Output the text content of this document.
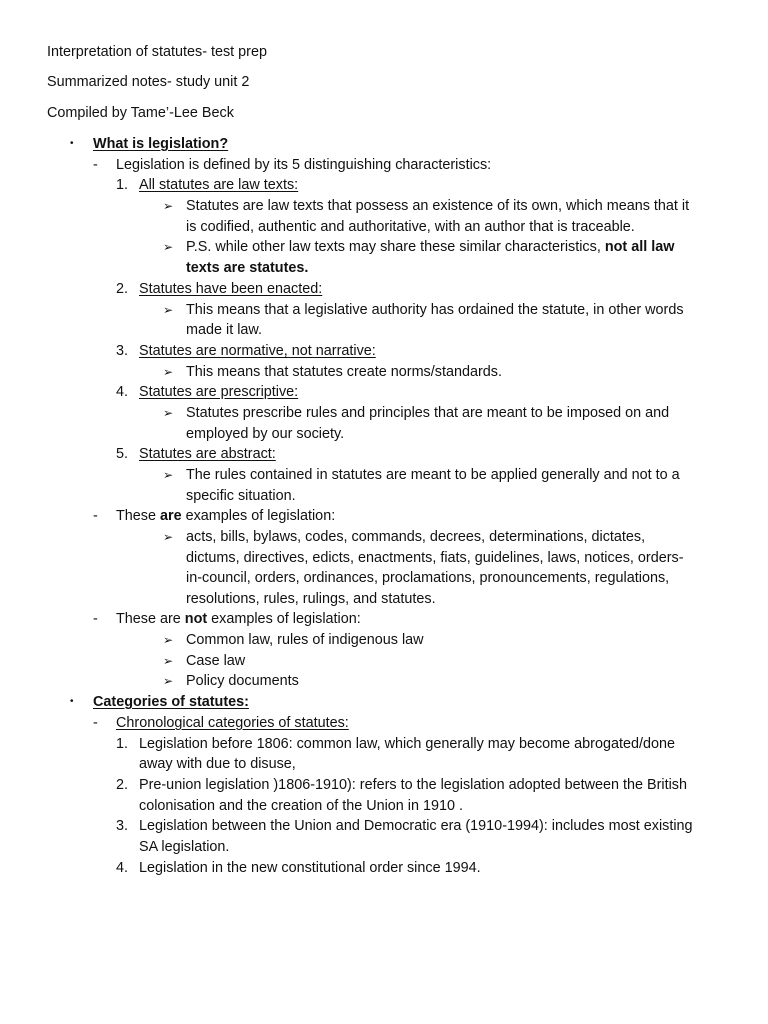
Interpretation of statutes- test prep
Summarized notes- study unit 2
Compiled by Tame’-Lee Beck
• What is legislation?
- Legislation is defined by its 5 distinguishing characteristics:
1. All statutes are law texts:
➢ Statutes are law texts that possess an existence of its own, which means that it
is codified, authentic and authoritative, with an author that is traceable.
➢ P.S. while other law texts may share these similar characteristics, not all law
texts are statutes.
2. Statutes have been enacted:
➢ This means that a legislative authority has ordained the statute, in other words
made it law.
3. Statutes are normative, not narrative:
➢ This means that statutes create norms/standards.
4. Statutes are prescriptive:
➢ Statutes prescribe rules and principles that are meant to be imposed on and
employed by our society.
5. Statutes are abstract:
➢ The rules contained in statutes are meant to be applied generally and not to a
specific situation.
- These are examples of legislation:
➢ acts, bills, bylaws, codes, commands, decrees, determinations, dictates,
dictums, directives, edicts, enactments, fiats, guidelines, laws, notices, orders-
in-council, orders, ordinances, proclamations, pronouncements, regulations,
resolutions, rules, rulings, and statutes.
- These are not examples of legislation:
➢ Common law, rules of indigenous law
➢ Case law
➢ Policy documents
• Categories of statutes:
- Chronological categories of statutes:
1. Legislation before 1806: common law, which generally may become abrogated/done
away with due to disuse,
2. Pre-union legislation )1806-1910): refers to the legislation adopted between the British
colonisation and the creation of the Union in 1910 .
3. Legislation between the Union and Democratic era (1910-1994): includes most existing
SA legislation.
4. Legislation in the new constitutional order since 1994.
